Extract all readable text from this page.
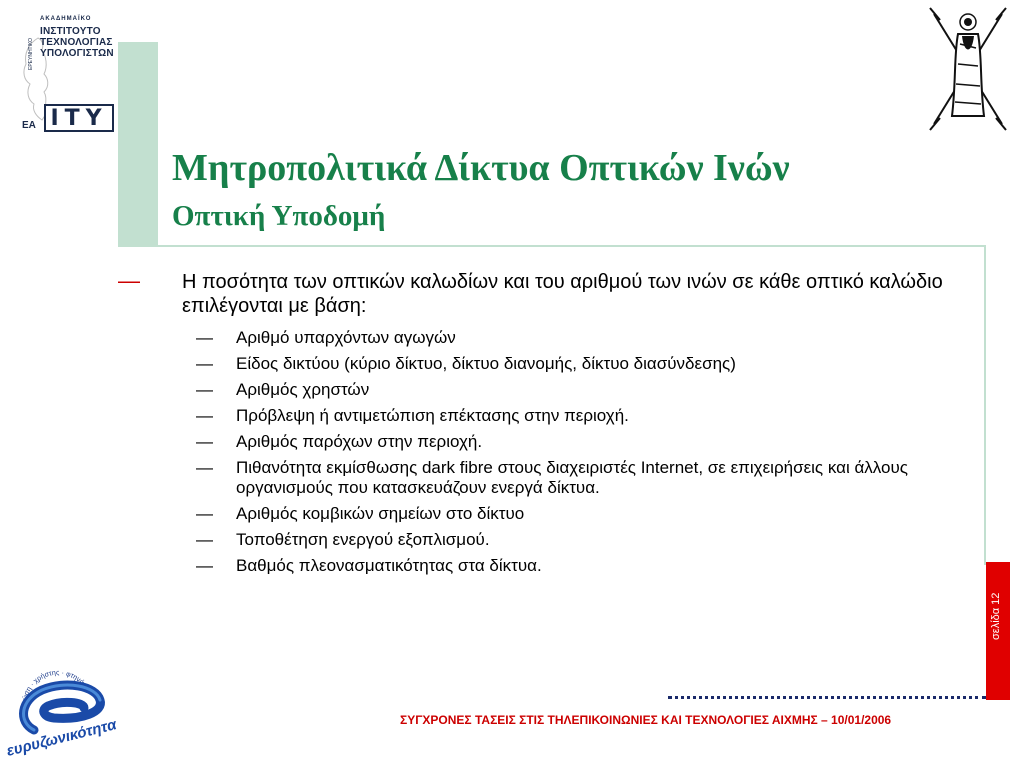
ΑΚΑΔΗΜΑΪΚΟ
ΕΡΕΥΝΗΤΙΚΟ
ΙΝΣΤΙΤΟΥΤΟ
ΤΕΧΝΟΛΟΓΙΑΣ
ΥΠΟΛΟΓΙΣΤΩΝ
ΕΑ ITY
Μητροπολιτικά Δίκτυα Οπτικών Ινών
Οπτική Υποδομή
— Η ποσότητα των οπτικών καλωδίων και του αριθμού των ινών σε κάθε οπτικό καλώδιο επιλέγονται με βάση:
— Αριθμό υπαρχόντων αγωγών
— Είδος δικτύου (κύριο δίκτυο, δίκτυο διανομής, δίκτυο διασύνδεσης)
— Αριθμός χρηστών
— Πρόβλεψη ή αντιμετώπιση επέκτασης στην περιοχή.
— Αριθμός παρόχων στην περιοχή.
— Πιθανότητα εκμίσθωσης dark fibre στους διαχειριστές Internet, σε επιχειρήσεις και άλλους οργανισμούς που κατασκευάζουν ενεργά δίκτυα.
— Αριθμός κομβικών σημείων στο δίκτυο
— Τοποθέτηση ενεργού εξοπλισμού.
— Βαθμός πλεονασματικότητας στα δίκτυα.
σελίδα 12
ΣΥΓΧΡΟΝΕΣ ΤΑΣΕΙΣ ΣΤΙΣ ΤΗΛΕΠΙΚΟΙΝΩΝΙΕΣ ΚΑΙ ΤΕΧΝΟΛΟΓΙΕΣ ΑΙΧΜΗΣ – 10/01/2006
γνώση · χρήστης · φτηνά
ευρυζωνικότητα
